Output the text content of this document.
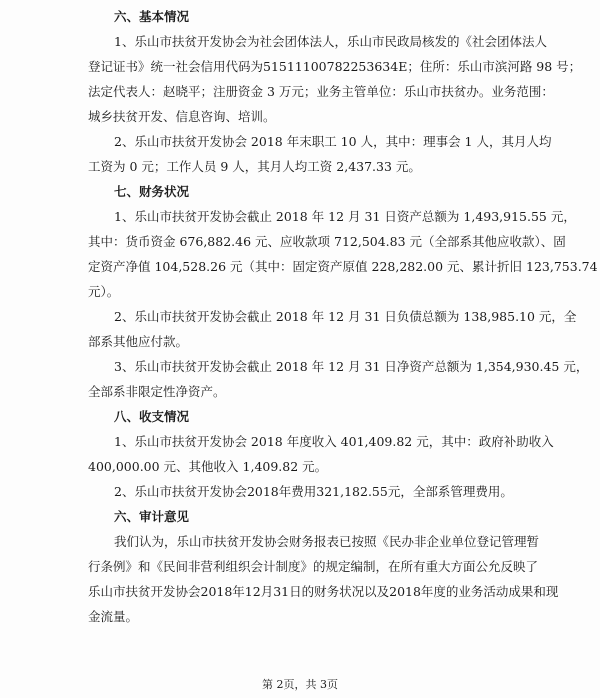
六、基本情况

1、乐山市扶贫开发协会为社会团体法人，乐山市民政局核发的《社会团体法人

登记证书》统一社会信用代码为51511100782253634E；住所：乐山市滨河路 98 号；

法定代表人：赵晓平；注册资金 3 万元；业务主管单位：乐山市扶贫办。业务范围：

城乡扶贫开发、信息咨询、培训。

2、乐山市扶贫开发协会 2018 年末职工 10 人，其中：理事会 1 人，其月人均

工资为 0 元；工作人员 9 人，其月人均工资 2,437.33 元。

七、财务状况

1、乐山市扶贫开发协会截止 2018 年 12 月 31 日资产总额为 1,493,915.55 元，

其中：货币资金 676,882.46 元、应收款项 712,504.83 元（全部系其他应收款）、固

定资产净值 104,528.26 元（其中：固定资产原值 228,282.00 元、累计折旧 123,753.74

元）。

2、乐山市扶贫开发协会截止 2018 年 12 月 31 日负债总额为 138,985.10 元，全

部系其他应付款。

3、乐山市扶贫开发协会截止 2018 年 12 月 31 日净资产总额为 1,354,930.45 元，

全部系非限定性净资产。

八、收支情况

1、乐山市扶贫开发协会 2018 年度收入 401,409.82 元，其中：政府补助收入

400,000.00 元、其他收入 1,409.82 元。

2、乐山市扶贫开发协会2018年费用321,182.55元，全部系管理费用。

六、审计意见

我们认为，乐山市扶贫开发协会财务报表已按照《民办非企业单位登记管理暂

行条例》和《民间非营利组织会计制度》的规定编制，在所有重大方面公允反映了

乐山市扶贫开发协会2018年12月31日的财务状况以及2018年度的业务活动成果和现

金流量。

第 2页，共 3页
